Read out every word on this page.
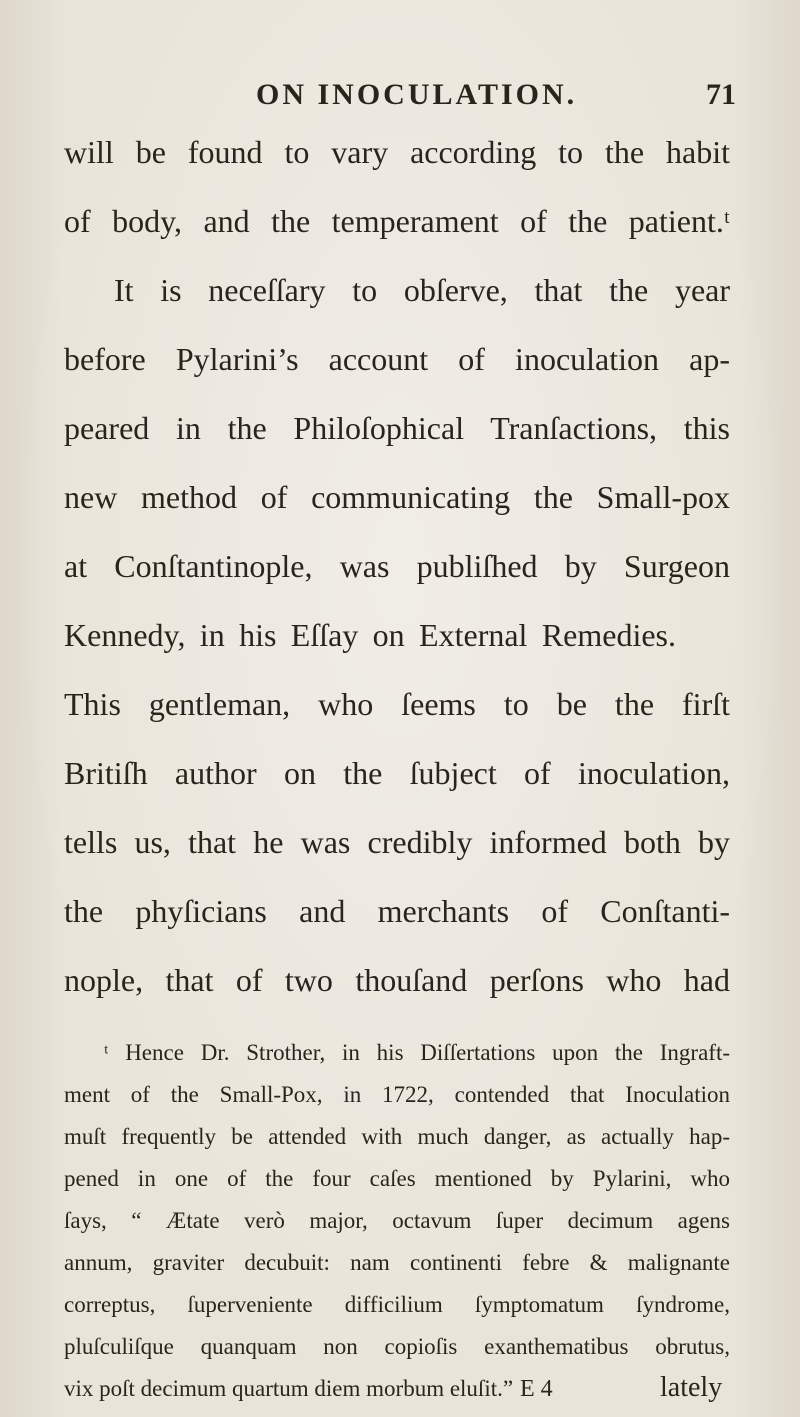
ON INOCULATION.	71
will be found to vary according to the habit
of body, and the temperament of the patient.ᵗ
It is neceſſary to obſerve, that the year
before Pylarini’s account of inoculation ap-
peared in the Philoſophical Tranſactions, this
new method of communicating the Small-pox
at Conſtantinople, was publiſhed by Surgeon
Kennedy, in his Eſſay on External Remedies.
This gentleman, who ſeems to be the firſt
Britiſh author on the ſubject of inoculation,
tells us, that he was credibly informed both by
the phyſicians and merchants of Conſtanti-
nople, that of two thouſand perſons who had
ᵗ Hence Dr. Strother, in his Diſſertations upon the Ingraft-
ment of the Small-Pox, in 1722, contended that Inoculation
muſt frequently be attended with much danger, as actually hap-
E 4	lately
pened in one of the four caſes mentioned by Pylarini, who
ſays, “ Ætate verò major, octavum ſuper decimum agens
annum, graviter decubuit: nam continenti febre & malignante
correptus, ſuperveniente difficilium ſymptomatum ſyndrome,
pluſculiſque quanquam non copioſis exanthematibus obrutus,
vix poſt decimum quartum diem morbum eluſit.”
